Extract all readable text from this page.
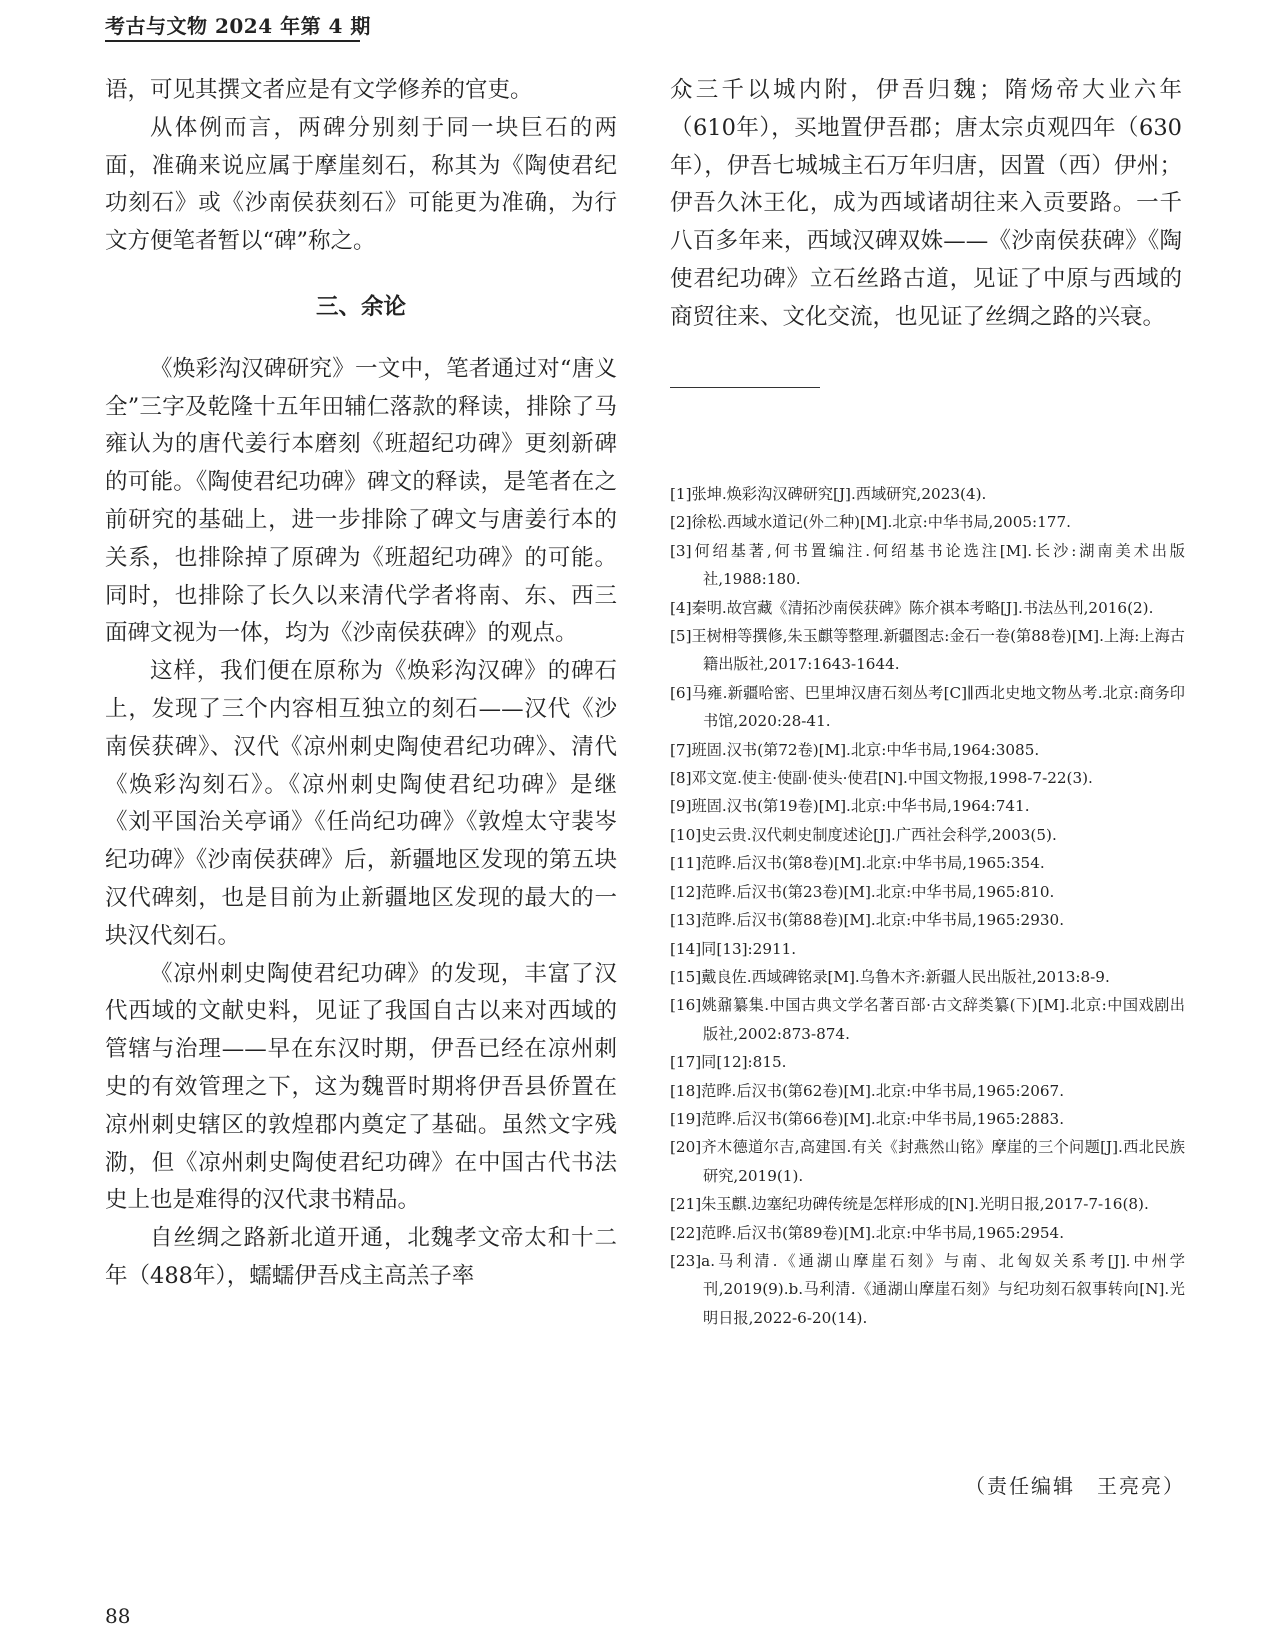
考古与文物 2024 年第 4 期

语，可见其撰文者应是有文学修养的官吏。

从体例而言，两碑分别刻于同一块巨石的两面，准确来说应属于摩崖刻石，称其为《陶使君纪功刻石》或《沙南侯获刻石》可能更为准确，为行文方便笔者暂以“碑”称之。

三、余论

《焕彩沟汉碑研究》一文中，笔者通过对“唐义全”三字及乾隆十五年田辅仁落款的释读，排除了马雍认为的唐代姜行本磨刻《班超纪功碑》更刻新碑的可能。《陶使君纪功碑》碑文的释读，是笔者在之前研究的基础上，进一步排除了碑文与唐姜行本的关系，也排除掉了原碑为《班超纪功碑》的可能。同时，也排除了长久以来清代学者将南、东、西三面碑文视为一体，均为《沙南侯获碑》的观点。

这样，我们便在原称为《焕彩沟汉碑》的碑石上，发现了三个内容相互独立的刻石——汉代《沙南侯获碑》、汉代《凉州刺史陶使君纪功碑》、清代《焕彩沟刻石》。《凉州刺史陶使君纪功碑》是继《刘平国治关亭诵》《任尚纪功碑》《敦煌太守裴岑纪功碑》《沙南侯获碑》后，新疆地区发现的第五块汉代碑刻，也是目前为止新疆地区发现的最大的一块汉代刻石。

《凉州刺史陶使君纪功碑》的发现，丰富了汉代西域的文献史料，见证了我国自古以来对西域的管辖与治理——早在东汉时期，伊吾已经在凉州刺史的有效管理之下，这为魏晋时期将伊吾县侨置在凉州刺史辖区的敦煌郡内奠定了基础。虽然文字残泐，但《凉州刺史陶使君纪功碑》在中国古代书法史上也是难得的汉代隶书精品。

自丝绸之路新北道开通，北魏孝文帝太和十二年（488年），蠕蠕伊吾戍主高羔子率

众三千以城内附，伊吾归魏；隋炀帝大业六年（610年），买地置伊吾郡；唐太宗贞观四年（630年），伊吾七城城主石万年归唐，因置（西）伊州；伊吾久沐王化，成为西域诸胡往来入贡要路。一千八百多年来，西域汉碑双姝——《沙南侯获碑》《陶使君纪功碑》立石丝路古道，见证了中原与西域的商贸往来、文化交流，也见证了丝绸之路的兴衰。

[1]张坤.焕彩沟汉碑研究[J].西域研究,2023(4).
[2]徐松.西域水道记(外二种)[M].北京:中华书局,2005:177.
[3]何绍基著,何书置编注.何绍基书论选注[M].长沙:湖南美术出版社,1988:180.
[4]秦明.故宫藏《清拓沙南侯获碑》陈介祺本考略[J].书法丛刊,2016(2).
[5]王树枏等撰修,朱玉麒等整理.新疆图志:金石一卷(第88卷)[M].上海:上海古籍出版社,2017:1643-1644.
[6]马雍.新疆哈密、巴里坤汉唐石刻丛考[C]∥西北史地文物丛考.北京:商务印书馆,2020:28-41.
[7]班固.汉书(第72卷)[M].北京:中华书局,1964:3085.
[8]邓文宽.使主·使副·使头·使君[N].中国文物报,1998-7-22(3).
[9]班固.汉书(第19卷)[M].北京:中华书局,1964:741.
[10]史云贵.汉代刺史制度述论[J].广西社会科学,2003(5).
[11]范晔.后汉书(第8卷)[M].北京:中华书局,1965:354.
[12]范晔.后汉书(第23卷)[M].北京:中华书局,1965:810.
[13]范晔.后汉书(第88卷)[M].北京:中华书局,1965:2930.
[14]同[13]:2911.
[15]戴良佐.西域碑铭录[M].乌鲁木齐:新疆人民出版社,2013:8-9.
[16]姚鼐纂集.中国古典文学名著百部·古文辞类纂(下)[M].北京:中国戏剧出版社,2002:873-874.
[17]同[12]:815.
[18]范晔.后汉书(第62卷)[M].北京:中华书局,1965:2067.
[19]范晔.后汉书(第66卷)[M].北京:中华书局,1965:2883.
[20]齐木德道尔吉,高建国.有关《封燕然山铭》摩崖的三个问题[J].西北民族研究,2019(1).
[21]朱玉麒.边塞纪功碑传统是怎样形成的[N].光明日报,2017-7-16(8).
[22]范晔.后汉书(第89卷)[M].北京:中华书局,1965:2954.
[23]a.马利清.《通湖山摩崖石刻》与南、北匈奴关系考[J].中州学刊,2019(9).b.马利清.《通湖山摩崖石刻》与纪功刻石叙事转向[N].光明日报,2022-6-20(14).
（责任编辑　王亮亮）
88
